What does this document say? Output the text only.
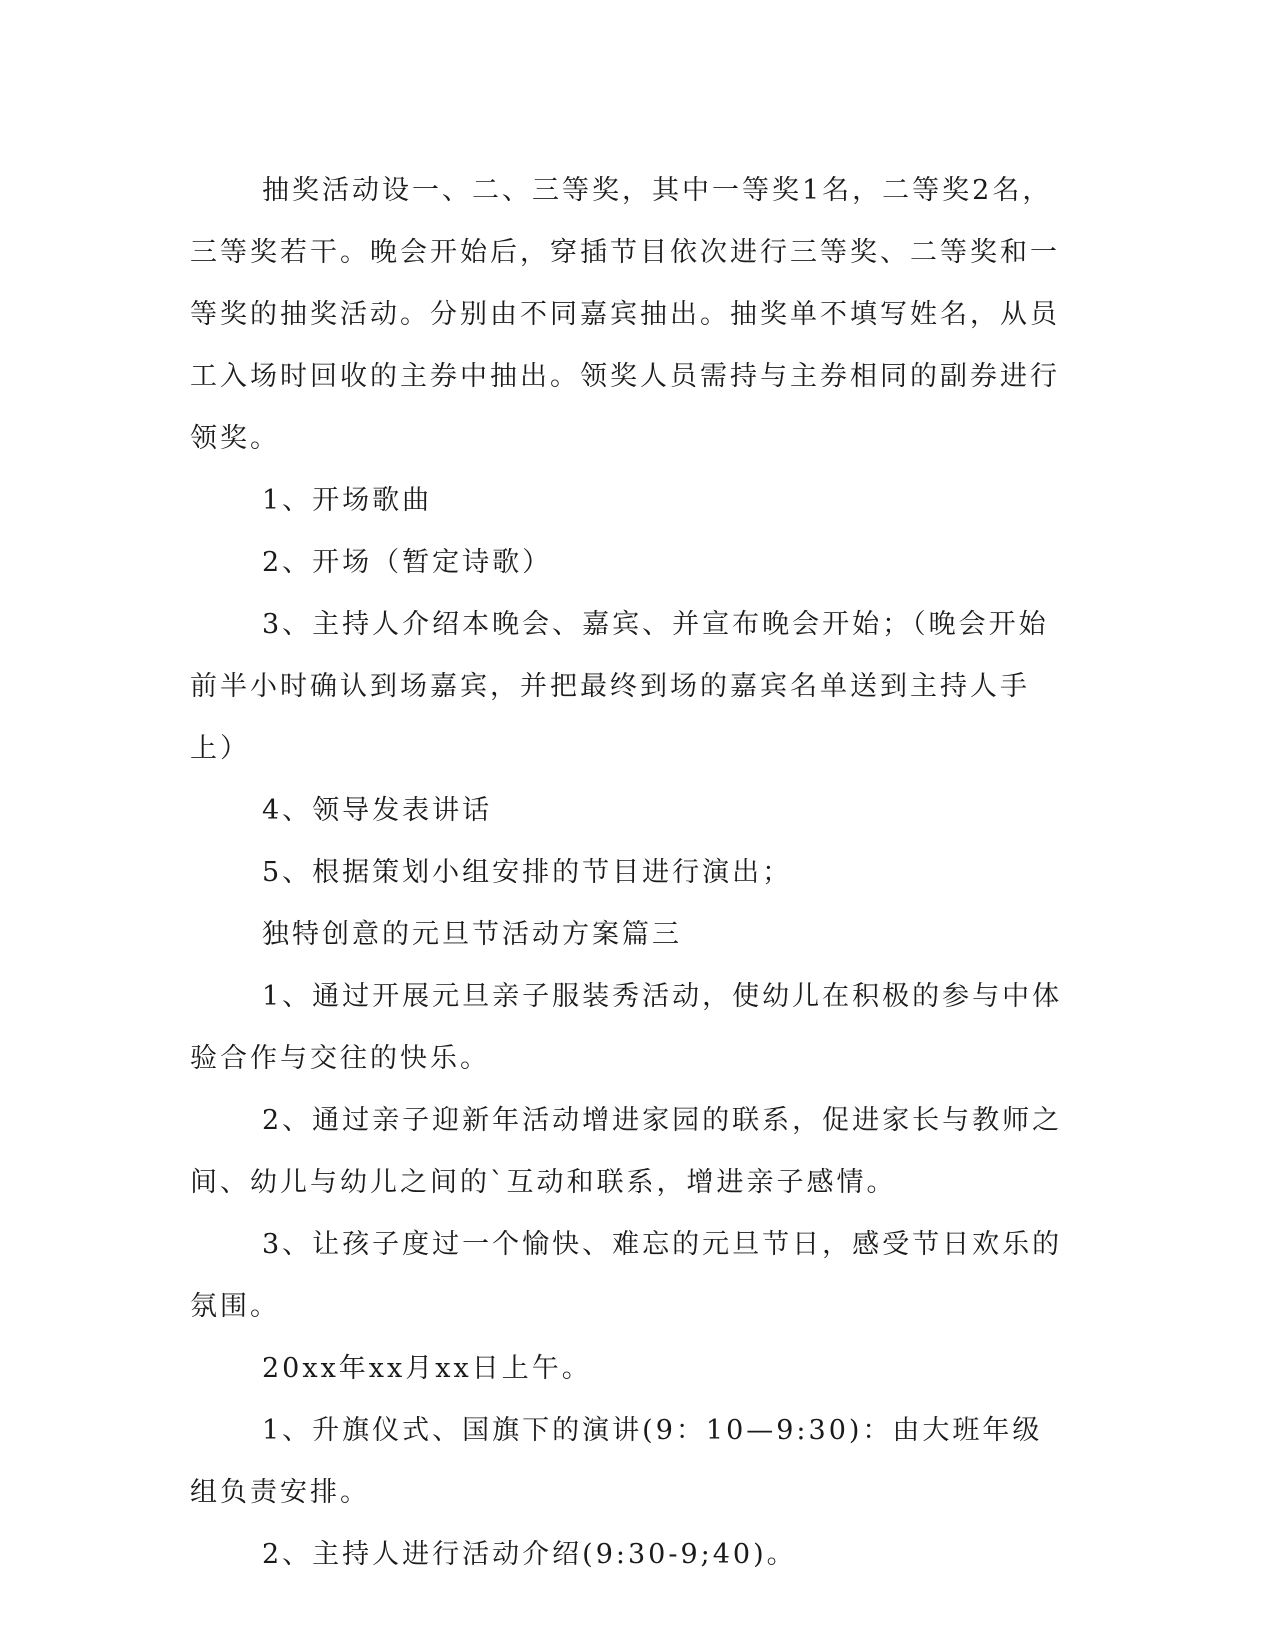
抽奖活动设一、二、三等奖，其中一等奖1名，二等奖2名，三等奖若干。晚会开始后，穿插节目依次进行三等奖、二等奖和一等奖的抽奖活动。分别由不同嘉宾抽出。抽奖单不填写姓名，从员工入场时回收的主券中抽出。领奖人员需持与主券相同的副券进行领奖。

1、开场歌曲

2、开场（暂定诗歌）

3、主持人介绍本晚会、嘉宾、并宣布晚会开始；（晚会开始前半小时确认到场嘉宾，并把最终到场的嘉宾名单送到主持人手上）

4、领导发表讲话

5、根据策划小组安排的节目进行演出；

独特创意的元旦节活动方案篇三

1、通过开展元旦亲子服装秀活动，使幼儿在积极的参与中体验合作与交往的快乐。

2、通过亲子迎新年活动增进家园的联系，促进家长与教师之间、幼儿与幼儿之间的`互动和联系，增进亲子感情。

3、让孩子度过一个愉快、难忘的元旦节日，感受节日欢乐的氛围。

20xx年xx月xx日上午。

1、升旗仪式、国旗下的演讲(9：10—9:30)：由大班年级组负责安排。

2、主持人进行活动介绍(9:30-9;40)。
